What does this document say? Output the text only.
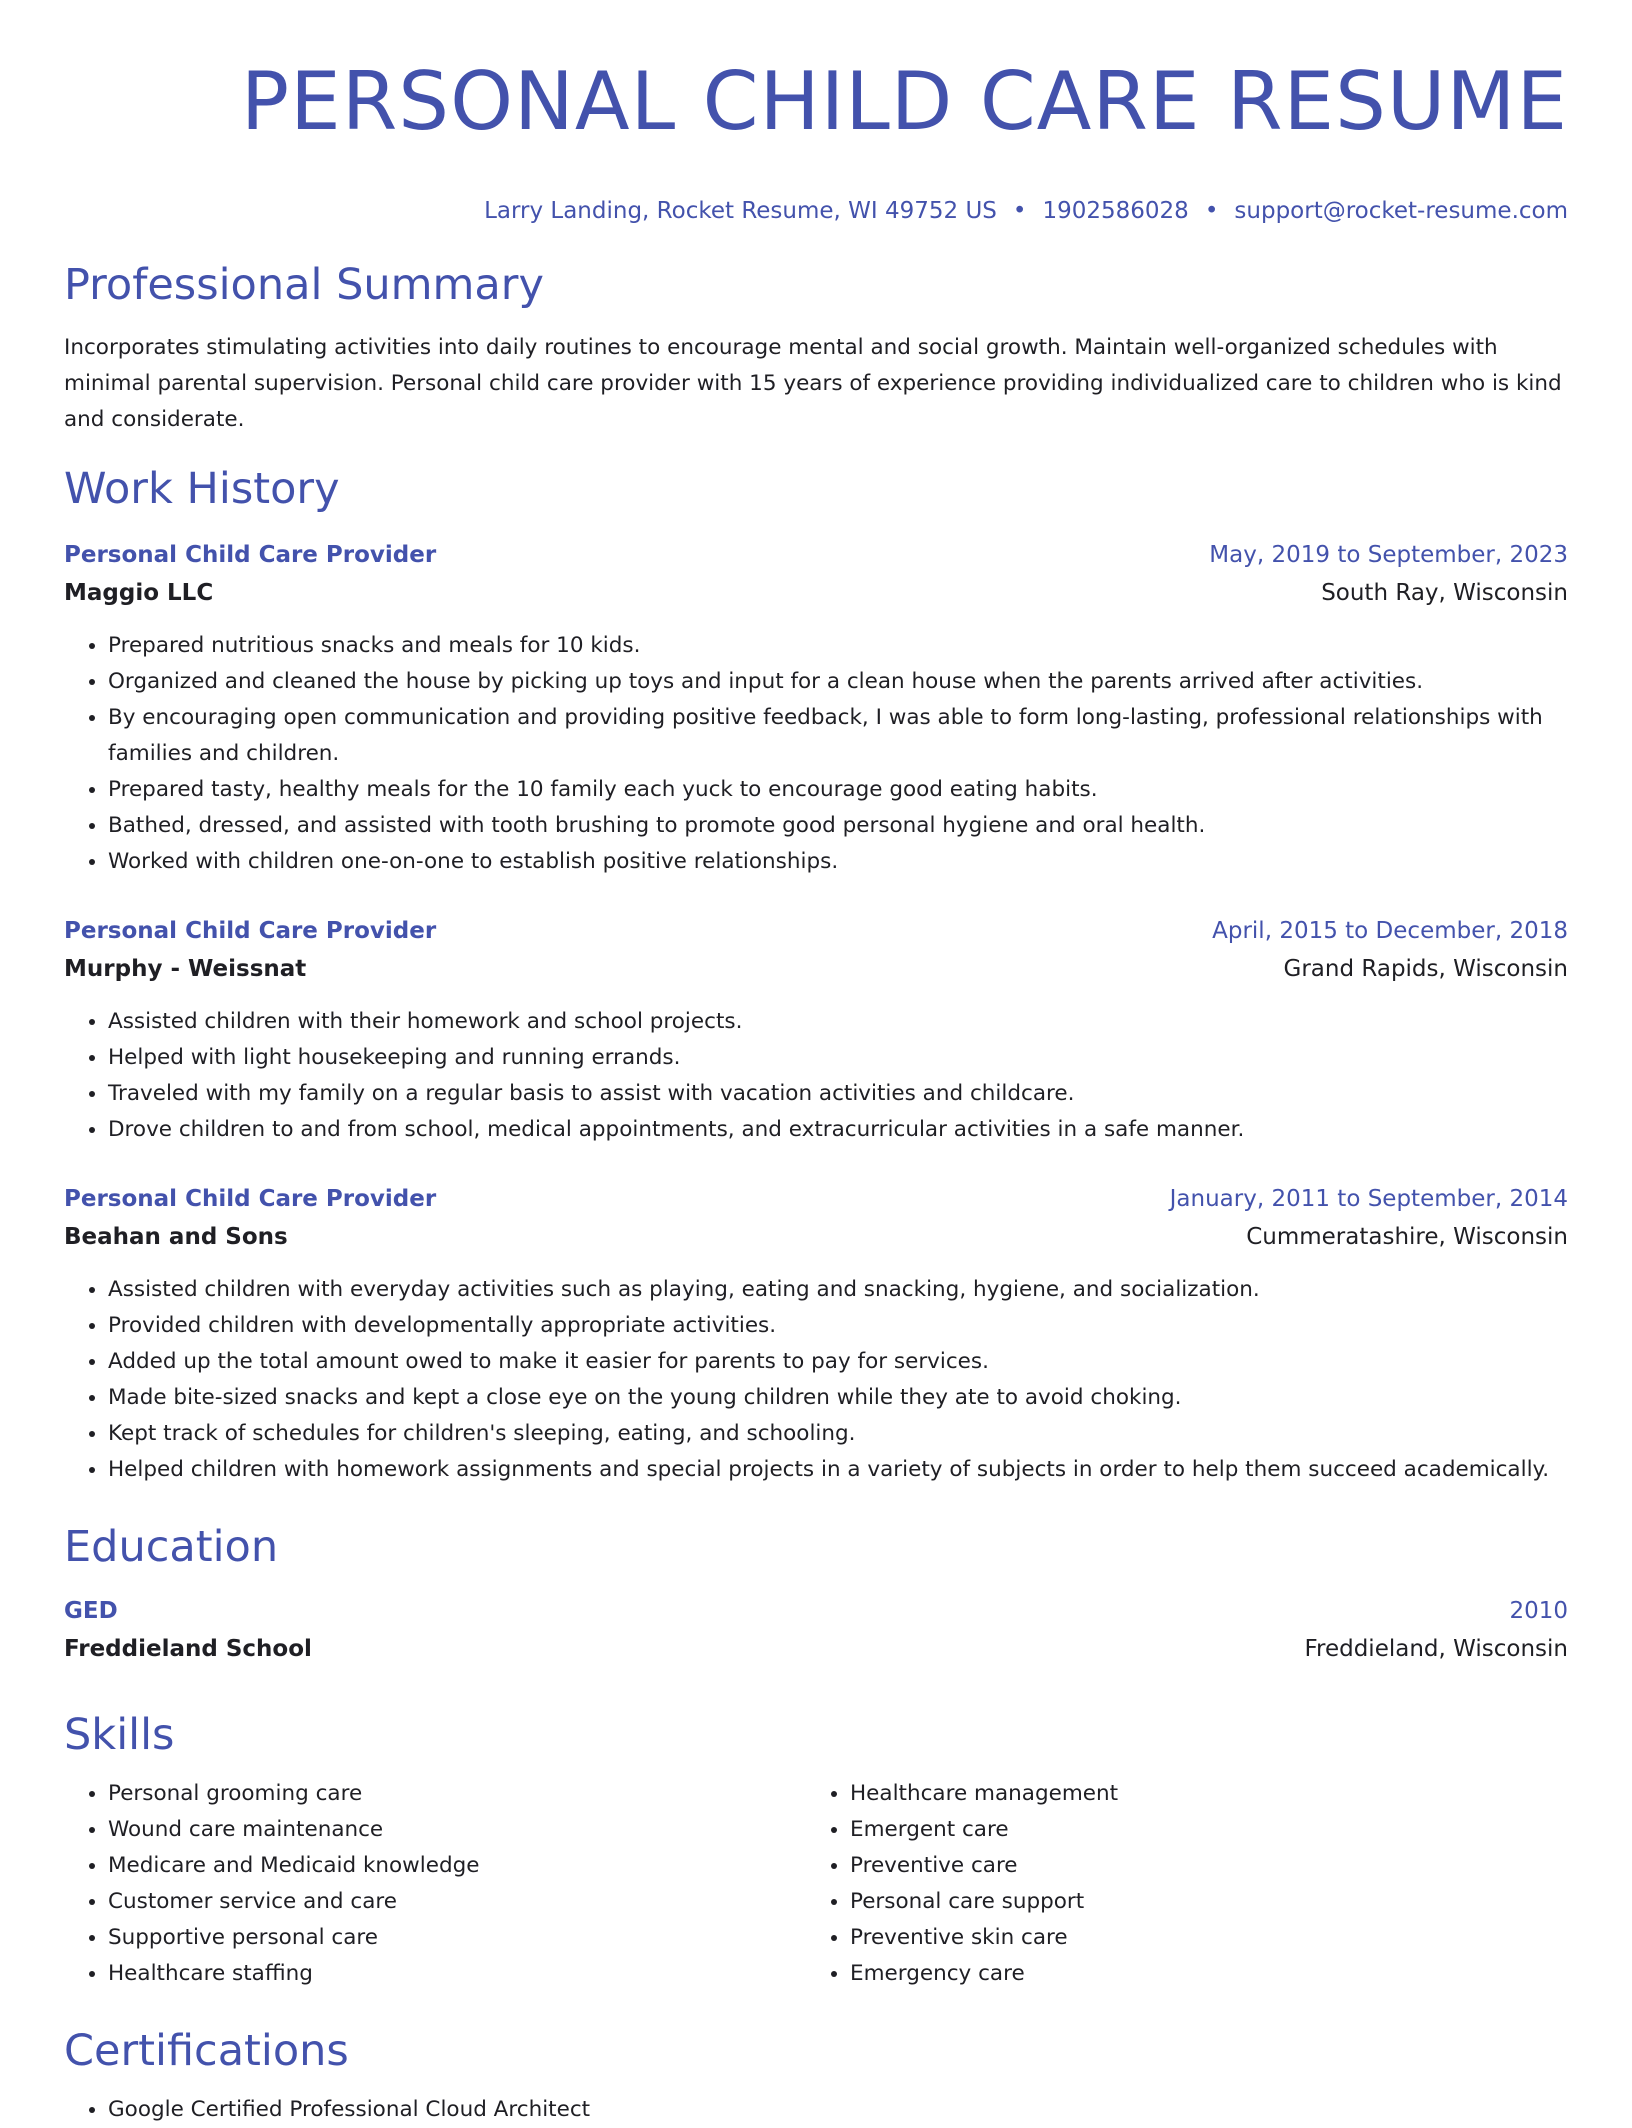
PERSONAL CHILD CARE RESUME
Larry Landing, Rocket Resume, WI 49752 US • 1902586028 • support@rocket-resume.com
Professional Summary

Incorporates stimulating activities into daily routines to encourage mental and social growth. Maintain well-organized schedules with minimal parental supervision. Personal child care provider with 15 years of experience providing individualized care to children who is kind and considerate.

Work History
Personal Child Care Provider	May, 2019 to September, 2023
Maggio LLC	South Ray, Wisconsin
• Prepared nutritious snacks and meals for 10 kids.
• Organized and cleaned the house by picking up toys and input for a clean house when the parents arrived after activities.
• By encouraging open communication and providing positive feedback, I was able to form long-lasting, professional relationships with families and children.
• Prepared tasty, healthy meals for the 10 family each yuck to encourage good eating habits.
• Bathed, dressed, and assisted with tooth brushing to promote good personal hygiene and oral health.
• Worked with children one-on-one to establish positive relationships.
Personal Child Care Provider	April, 2015 to December, 2018
Murphy - Weissnat	Grand Rapids, Wisconsin
• Assisted children with their homework and school projects.
• Helped with light housekeeping and running errands.
• Traveled with my family on a regular basis to assist with vacation activities and childcare.
• Drove children to and from school, medical appointments, and extracurricular activities in a safe manner.
Personal Child Care Provider	January, 2011 to September, 2014
Beahan and Sons	Cummeratashire, Wisconsin
• Assisted children with everyday activities such as playing, eating and snacking, hygiene, and socialization.
• Provided children with developmentally appropriate activities.
• Added up the total amount owed to make it easier for parents to pay for services.
• Made bite-sized snacks and kept a close eye on the young children while they ate to avoid choking.
• Kept track of schedules for children's sleeping, eating, and schooling.
• Helped children with homework assignments and special projects in a variety of subjects in order to help them succeed academically.
Education
GED	2010
Freddieland School	Freddieland, Wisconsin
Skills
• Personal grooming care
• Wound care maintenance
• Medicare and Medicaid knowledge
• Customer service and care
• Supportive personal care
• Healthcare staffing
• Healthcare management
• Emergent care
• Preventive care
• Personal care support
• Preventive skin care
• Emergency care
Certifications
• Google Certified Professional Cloud Architect
